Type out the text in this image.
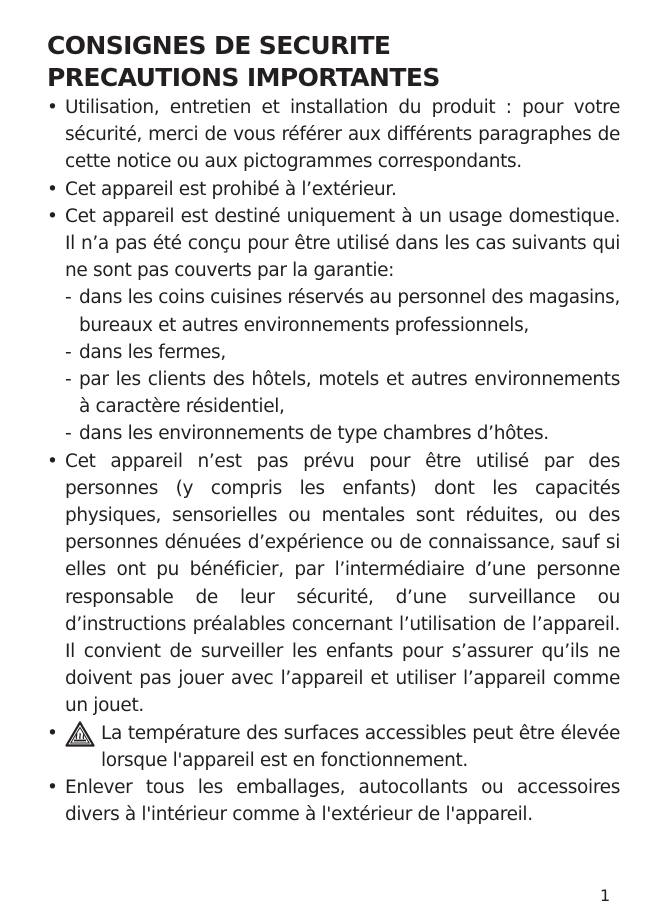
CONSIGNES DE SECURITE
PRECAUTIONS IMPORTANTES
• Utilisation, entretien et installation du produit : pour votre sécurité, merci de vous référer aux différents paragraphes de cette notice ou aux pictogrammes correspondants.
• Cet appareil est prohibé à l’extérieur.
• Cet appareil est destiné uniquement à un usage domestique. Il n’a pas été conçu pour être utilisé dans les cas suivants qui ne sont pas couverts par la garantie:
- dans les coins cuisines réservés au personnel des magasins, bureaux et autres environnements professionnels,
- dans les fermes,
- par les clients des hôtels, motels et autres environnements à caractère résidentiel,
- dans les environnements de type chambres d’hôtes.
• Cet appareil n’est pas prévu pour être utilisé par des personnes (y compris les enfants) dont les capacités physiques, sensorielles ou mentales sont réduites, ou des personnes dénuées d’expérience ou de connaissance, sauf si elles ont pu bénéficier, par l’intermédiaire d’une personne responsable de leur sécurité, d’une surveillance ou d’instructions préalables concernant l’utilisation de l’appareil. Il convient de surveiller les enfants pour s’assurer qu’ils ne doivent pas jouer avec l’appareil et utiliser l’appareil comme un jouet.
•	La température des surfaces accessibles peut être élevée lorsque l'appareil est en fonctionnement.
• Enlever tous les emballages, autocollants ou accessoires divers à l'intérieur comme à l'extérieur de l'appareil.
1
